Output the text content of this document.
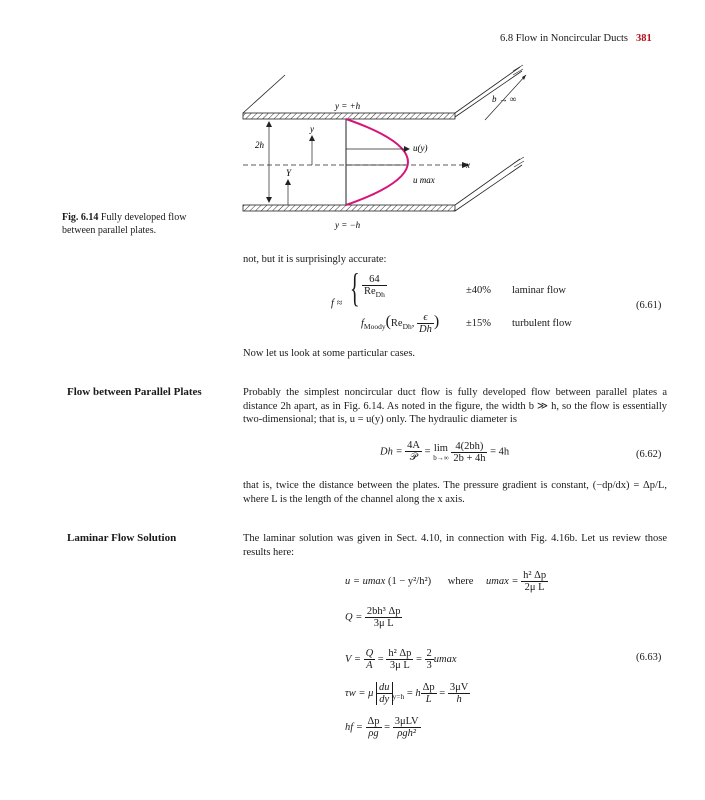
6.8 Flow in Noncircular Ducts 381
b → ∞
x
u(y)
u max
2h
y
Y
y = +h
y = −h
Fig. 6.14 Fully developed flow between parallel plates.
not, but it is surprisingly accurate:
f ≈ { $\frac{64}{Re_{Dh}}$	±40% laminar flow
$f_{Moody}(Re_{Dh}$, $\frac{\epsilon}{Dh}$ )	±15% turbulent flow
(6.61)
Now let us look at some particular cases.
Flow between Parallel Plates	Probably the simplest noncircular duct flow is fully developed flow between parallel plates a distance 2h apart, as in Fig. 6.14. As noted in the figure, the width b ≫ h, so the flow is essentially two-dimensional; that is, u = u(y) only. The hydraulic diameter is
$Dh = \frac{4A}{\text{𝒫}} = \lim$
b→∞
$\frac{4(2bh)}{2b + 4h} = 4h$	(6.62)
that is, twice the distance between the plates. The pressure gradient is constant, (−dp/dx) = Δp/L, where L is the length of the channel along the x axis.
Laminar Flow Solution	The laminar solution was given in Sect. 4.10, in connection with Fig. 4.16b. Let us review those results here:
u = umax (1 − y²/h²) where $umax = \frac{\text{h² Δp}}{\text{2μ L}}$
$Q = \frac{\text{2bh³ Δp}}{\text{3μ L}}$
$V = \frac{Q}{A} = \frac{\text{h² Δp}}{\text{3μ L}} = \frac{2}{3}$ umax	(6.63)
τw = μ $\frac{du}{dy} _{y=h} = h \frac{\Delta p}{L} = \frac{3\mu V}{h}$
hf = $\frac{\Delta p}{\rho g} = \frac{\text{3μLV}}{\text{ρgh²}}$
